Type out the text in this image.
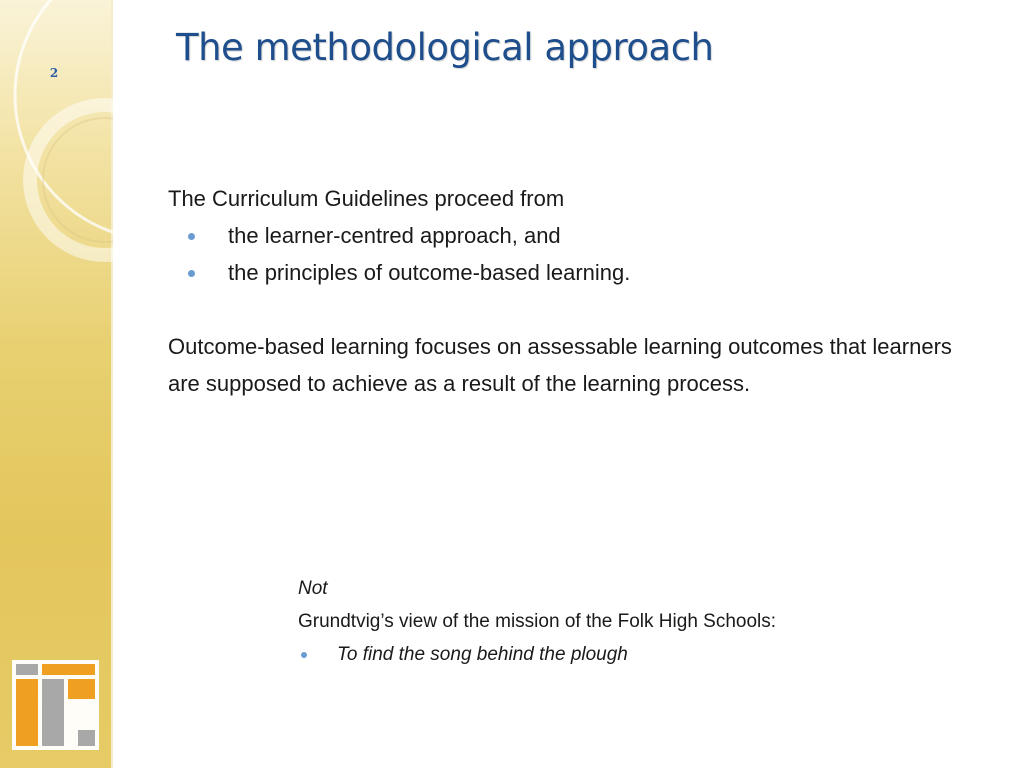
2
The methodological approach

The Curriculum Guidelines proceed from

the learner-centred approach, and
the principles of outcome-based learning.

Outcome-based learning focuses on assessable learning outcomes that learners are supposed to achieve as a result of the learning process.

Not

Grundtvig’s view of the mission of the Folk High Schools:

To find the song behind the plough
